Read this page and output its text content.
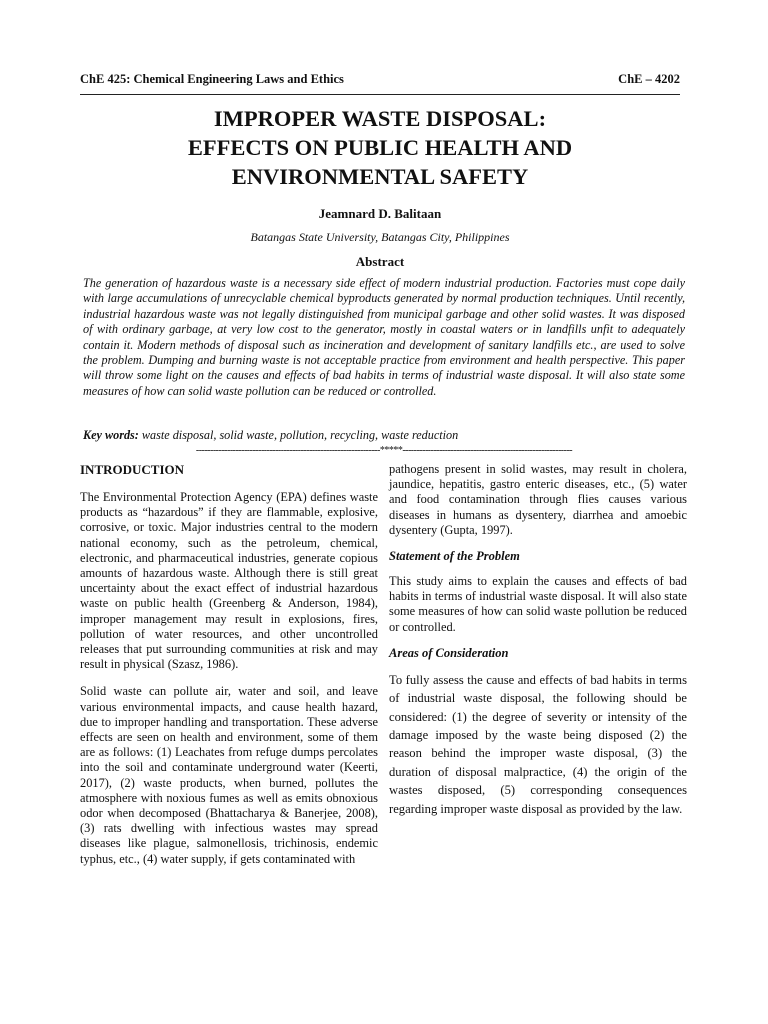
ChE 425: Chemical Engineering Laws and Ethics	ChE – 4202
IMPROPER WASTE DISPOSAL:
EFFECTS ON PUBLIC HEALTH AND
ENVIRONMENTAL SAFETY
Jeamnard D. Balitaan
Batangas State University, Batangas City, Philippines
Abstract

The generation of hazardous waste is a necessary side effect of modern industrial production. Factories must cope daily with large accumulations of unrecyclable chemical byproducts generated by normal production techniques. Until recently, industrial hazardous waste was not legally distinguished from municipal garbage and other solid wastes. It was disposed of with ordinary garbage, at very low cost to the generator, mostly in coastal waters or in landfills unfit to adequately contain it. Modern methods of disposal such as incineration and development of sanitary landfills etc., are used to solve the problem. Dumping and burning waste is not acceptable practice from environment and health perspective. This paper will throw some light on the causes and effects of bad habits in terms of industrial waste disposal. It will also state some measures of how can solid waste pollution can be reduced or controlled.

Key words: waste disposal, solid waste, pollution, recycling, waste reduction
-----------------------------------------------------------------*****------------------------------------------------------------

INTRODUCTION

The Environmental Protection Agency (EPA) defines waste products as “hazardous” if they are flammable, explosive, corrosive, or toxic. Major industries central to the modern national economy, such as the petroleum, chemical, electronic, and pharmaceutical industries, generate copious amounts of hazardous waste. Although there is still great uncertainty about the exact effect of industrial hazardous waste on public health (Greenberg & Anderson, 1984), improper management may result in explosions, fires, pollution of water resources, and other uncontrolled releases that put surrounding communities at risk and may result in physical (Szasz, 1986).

Solid waste can pollute air, water and soil, and leave various environmental impacts, and cause health hazard, due to improper handling and transportation. These adverse effects are seen on health and environment, some of them are as follows: (1) Leachates from refuge dumps percolates into the soil and contaminate underground water (Keerti, 2017), (2) waste products, when burned, pollutes the atmosphere with noxious fumes as well as emits obnoxious odor when decomposed (Bhattacharya & Banerjee, 2008), (3) rats dwelling with infectious wastes may spread diseases like plague, salmonellosis, trichinosis, endemic typhus, etc., (4) water supply, if gets contaminated with

pathogens present in solid wastes, may result in cholera, jaundice, hepatitis, gastro enteric diseases, etc., (5) water and food contamination through flies causes various diseases in humans as dysentery, diarrhea and amoebic dysentery (Gupta, 1997).

Statement of the Problem

This study aims to explain the causes and effects of bad habits in terms of industrial waste disposal. It will also state some measures of how can solid waste pollution be reduced or controlled.

Areas of Consideration

To fully assess the cause and effects of bad habits in terms of industrial waste disposal, the following should be considered: (1) the degree of severity or intensity of the damage imposed by the waste being disposed (2) the reason behind the improper waste disposal, (3) the duration of disposal malpractice, (4) the origin of the wastes disposed, (5) corresponding consequences regarding improper waste disposal as provided by the law.
